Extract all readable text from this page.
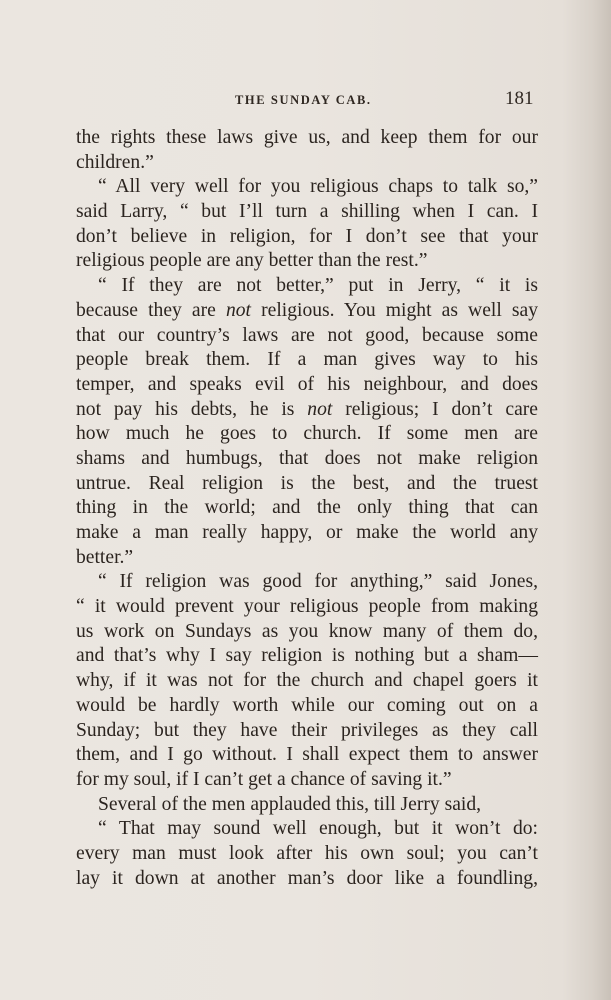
THE SUNDAY CAB.	181
the rights these laws give us, and keep them for our
children.”
“ All very well for you religious chaps to talk so,”
said Larry, “ but I’ll turn a shilling when I can. I
don’t believe in religion, for I don’t see that your
religious people are any better than the rest.”
“ If they are not better,” put in Jerry, “ it is
because they are not religious. You might as well say
that our country’s laws are not good, because some
people break them. If a man gives way to his
temper, and speaks evil of his neighbour, and does
not pay his debts, he is not religious; I don’t care
how much he goes to church. If some men are
shams and humbugs, that does not make religion
untrue. Real religion is the best, and the truest
thing in the world; and the only thing that can
make a man really happy, or make the world any
better.”
“ If religion was good for anything,” said Jones,
“ it would prevent your religious people from making
us work on Sundays as you know many of them do,
and that’s why I say religion is nothing but a sham—
why, if it was not for the church and chapel goers it
would be hardly worth while our coming out on a
Sunday; but they have their privileges as they call
them, and I go without. I shall expect them to answer
for my soul, if I can’t get a chance of saving it.”
Several of the men applauded this, till Jerry said,
“ That may sound well enough, but it won’t do:
every man must look after his own soul; you can’t
lay it down at another man’s door like a foundling,
